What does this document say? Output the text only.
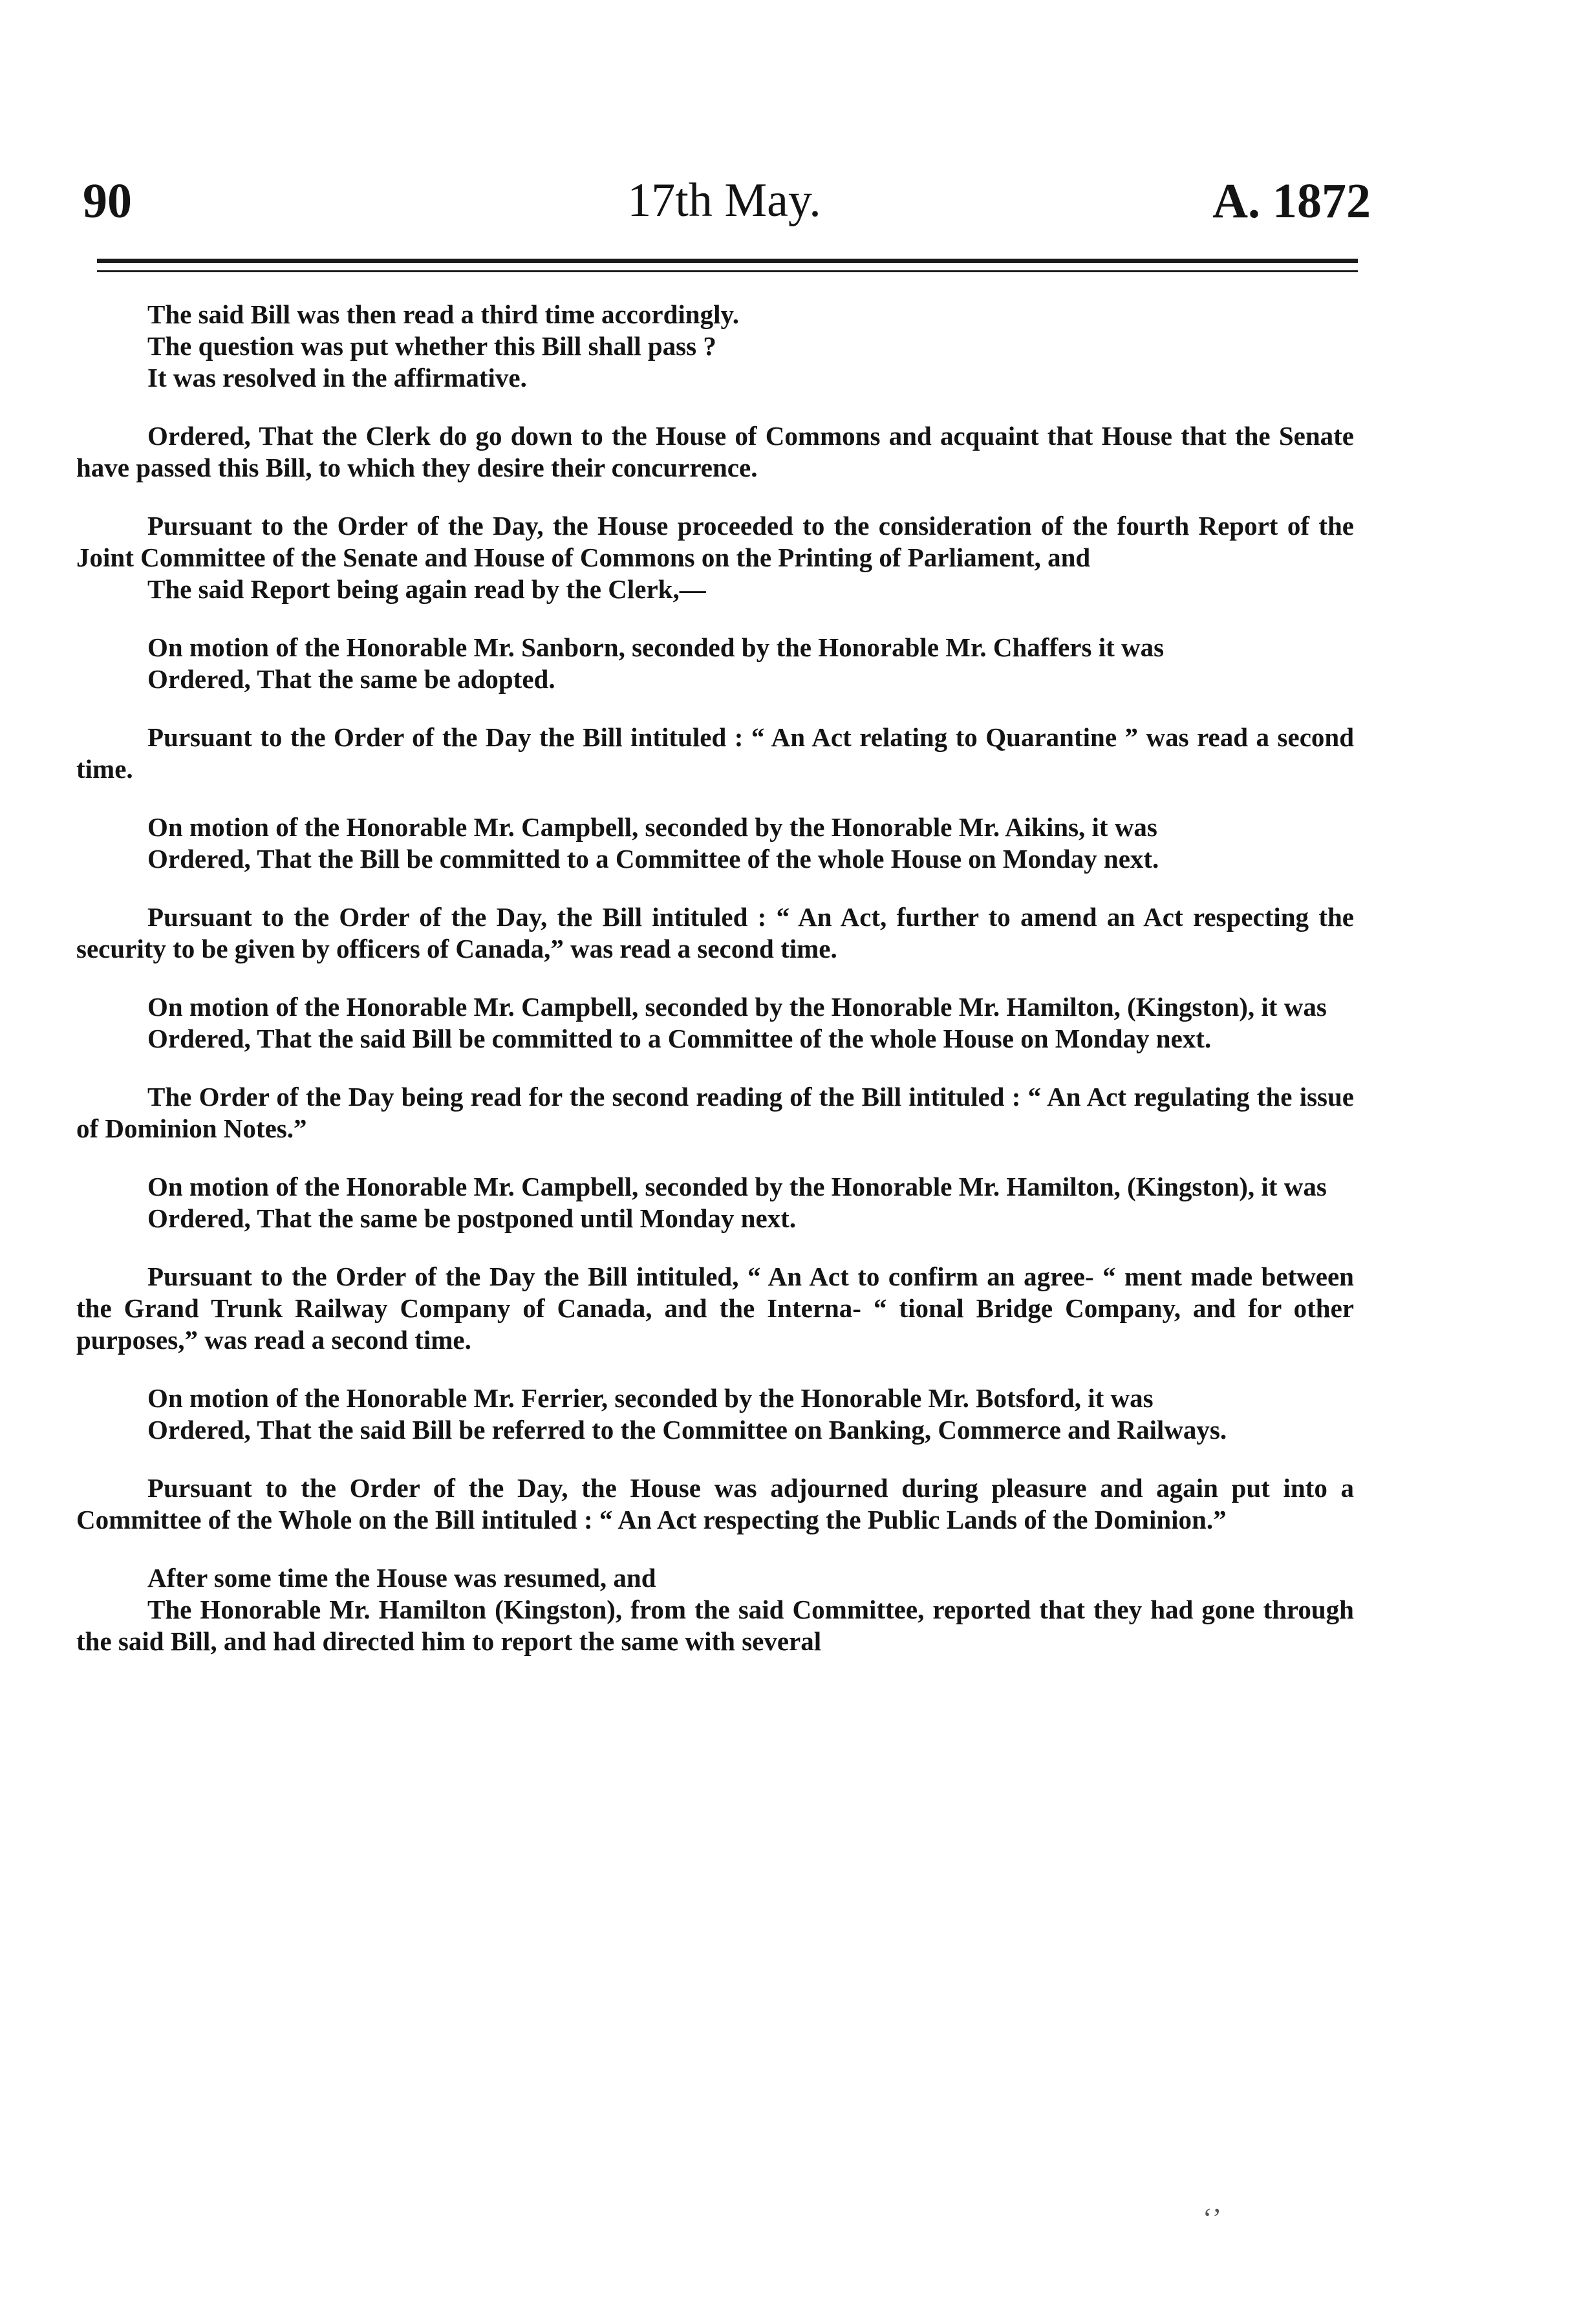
90	17th May.	A. 1872

The said Bill was then read a third time accordingly.

The question was put whether this Bill shall pass ?

It was resolved in the affirmative.

Ordered, That the Clerk do go down to the House of Commons and acquaint that House that the Senate have passed this Bill, to which they desire their concurrence.

Pursuant to the Order of the Day, the House proceeded to the consideration of the fourth Report of the Joint Committee of the Senate and House of Commons on the Printing of Parliament, and

The said Report being again read by the Clerk,—

On motion of the Honorable Mr. Sanborn, seconded by the Honorable Mr. Chaffers it was

Ordered, That the same be adopted.

Pursuant to the Order of the Day the Bill intituled : “ An Act relating to Quarantine ” was read a second time.

On motion of the Honorable Mr. Campbell, seconded by the Honorable Mr. Aikins, it was

Ordered, That the Bill be committed to a Committee of the whole House on Monday next.

Pursuant to the Order of the Day, the Bill intituled : “ An Act, further to amend an Act respecting the security to be given by officers of Canada,” was read a second time.

On motion of the Honorable Mr. Campbell, seconded by the Honorable Mr. Hamilton, (Kingston), it was

Ordered, That the said Bill be committed to a Committee of the whole House on Monday next.

The Order of the Day being read for the second reading of the Bill intituled : “ An Act regulating the issue of Dominion Notes.”

On motion of the Honorable Mr. Campbell, seconded by the Honorable Mr. Hamilton, (Kingston), it was

Ordered, That the same be postponed until Monday next.

Pursuant to the Order of the Day the Bill intituled, “ An Act to confirm an agree- “ ment made between the Grand Trunk Railway Company of Canada, and the Interna- “ tional Bridge Company, and for other purposes,” was read a second time.

On motion of the Honorable Mr. Ferrier, seconded by the Honorable Mr. Botsford, it was

Ordered, That the said Bill be referred to the Committee on Banking, Commerce and Railways.

Pursuant to the Order of the Day, the House was adjourned during pleasure and again put into a Committee of the Whole on the Bill intituled : “ An Act respecting the Public Lands of the Dominion.”

After some time the House was resumed, and

The Honorable Mr. Hamilton (Kingston), from the said Committee, reported that they had gone through the said Bill, and had directed him to report the same with several

‘’
